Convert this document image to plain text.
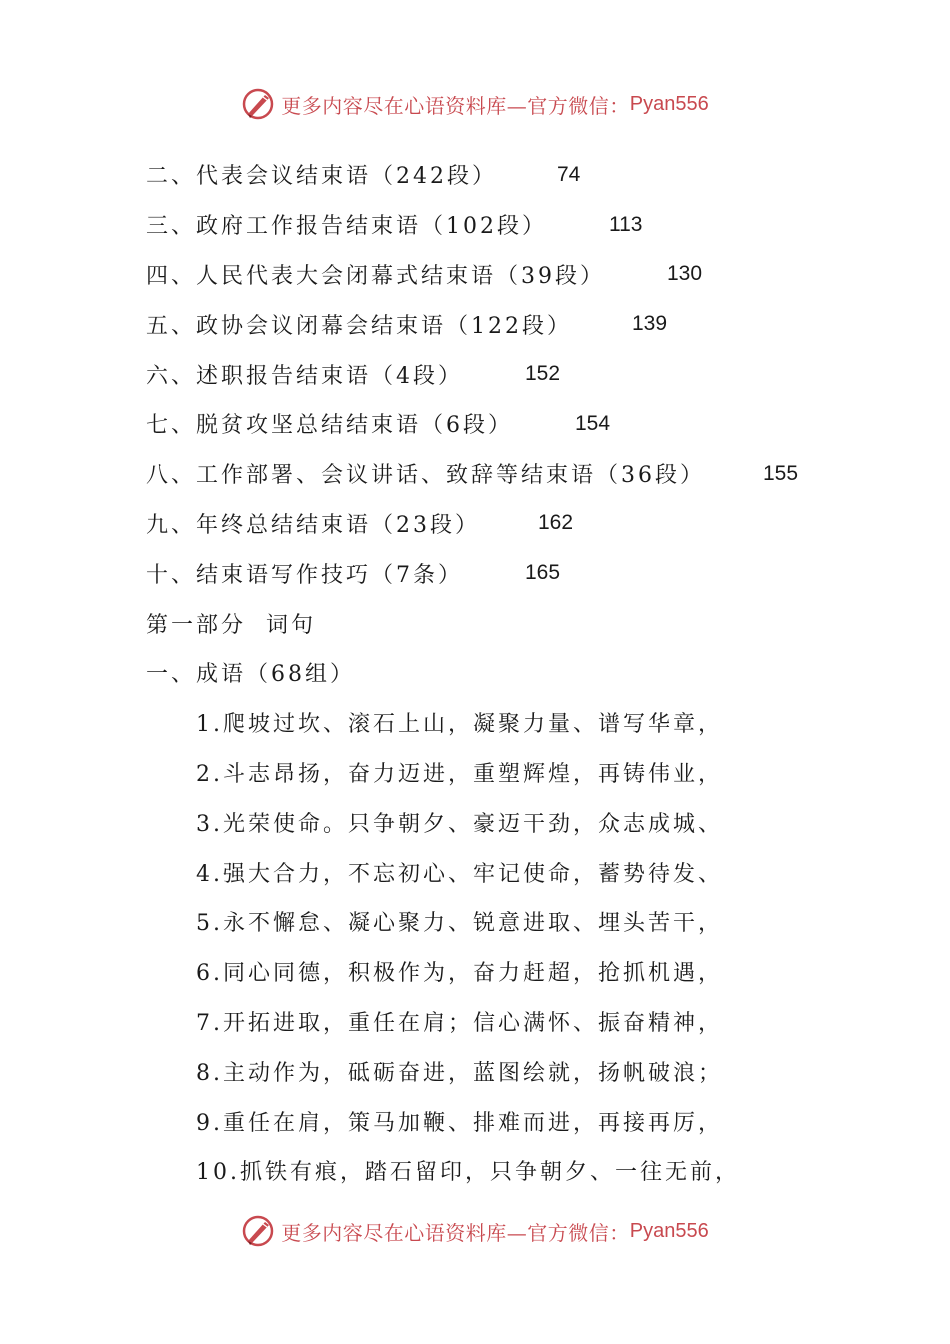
更多内容尽在心语资料库—官方微信： Pyan556
二、代表会议结束语（242段）	74
三、政府工作报告结束语（102段）	113
四、人民代表大会闭幕式结束语（39段）	130
五、政协会议闭幕会结束语（122段）	139
六、述职报告结束语（4段）	152
七、脱贫攻坚总结结束语（6段）	154
八、工作部署、会议讲话、致辞等结束语（36段）	155
九、年终总结结束语（23段）	162
十、结束语写作技巧（7条）	165
第一部分  词句
一、成语（68组）
1.爬坡过坎、滚石上山，凝聚力量、谱写华章，
2.斗志昂扬，奋力迈进，重塑辉煌，再铸伟业，
3.光荣使命。只争朝夕、豪迈干劲，众志成城、
4.强大合力，不忘初心、牢记使命，蓄势待发、
5.永不懈怠、凝心聚力、锐意进取、埋头苦干，
6.同心同德，积极作为，奋力赶超，抢抓机遇，
7.开拓进取，重任在肩；信心满怀、振奋精神，
8.主动作为，砥砺奋进，蓝图绘就，扬帆破浪；
9.重任在肩，策马加鞭、排难而进，再接再厉，
10.抓铁有痕，踏石留印，只争朝夕、一往无前，
更多内容尽在心语资料库—官方微信： Pyan556
